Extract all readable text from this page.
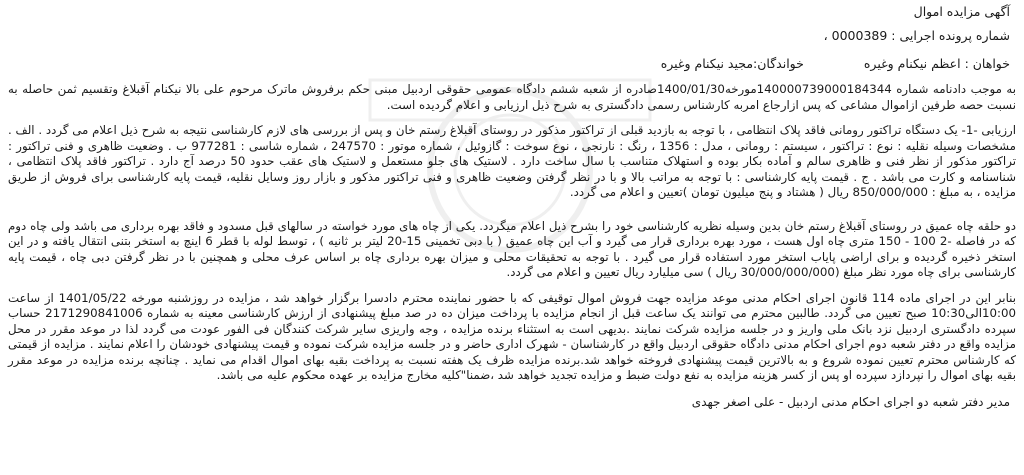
آگهی مزایده اموال
شماره پرونده اجرایی : 0000389 ،
خواهان : اعظم نیکنام وغیره
خواندگان:مجید نیکنام وغیره

به موجب دادنامه شماره 140000739000184344مورخه1400/01/30صادره از شعبه ششم دادگاه عمومی حقوقی اردبیل مبنی حکم برفروش ماترک مرحوم علی بالا نیکنام آقبلاغ وتقسیم ثمن حاصله به نسبت حصه طرفین ازاموال مشاعی که پس ازارجاع امربه کارشناس رسمی دادگستری به شرح ذیل ارزیابی و اعلام گردیده است.

ارزیابی -1- یک دستگاه تراکتور رومانی فاقد پلاک انتظامی ، با توجه به بازدید قبلی از تراکتور مذکور در روستای آقبلاغ رستم خان و پس از بررسی های لازم کارشناسی نتیجه به شرح ذیل اعلام می گردد . الف . مشخصات وسیله نقلیه : نوع : تراکتور ، سیستم : رومانی ، مدل : 1356 ، رنگ : نارنجی ، نوع سوخت : گازوئیل ، شماره موتور : 247570 ، شماره شاسی : 977281 ب . وضعیت ظاهری و فنی تراکتور : تراکتور مذکور از نظر فنی و ظاهری سالم و آماده بکار بوده و استهلاک متناسب با سال ساخت دارد . لاستیک های جلو مستعمل و لاستیک های عقب حدود 50 درصد آج دارد . تراکتور فاقد پلاک انتظامی ، شناسنامه و کارت می باشد . ج . قیمت پایه کارشناسی : با توجه به مراتب بالا و با در نظر گرفتن وضعیت ظاهری و فنی تراکتور مذکور و بازار روز وسایل نقلیه، قیمت پایه کارشناسی برای فروش از طریق مزایده ، به مبلغ : 850/000/000 ریال ( هشتاد و پنج میلیون تومان )تعیین و اعلام می گردد.

دو حلقه چاه عمیق در روستای آقبلاغ رستم خان بدین وسیله نظریه کارشناسی خود را بشرح ذیل اعلام میگردد. یکی از چاه های مورد خواسته در سالهای قبل مسدود و فاقد بهره برداری می باشد ولی چاه دوم که در فاصله -2 100 - 150 متری چاه اول هست ، مورد بهره برداری قرار می گیرد و آب این چاه عمیق ( با دبی تخمینی 15-20 لیتر بر ثانیه ) ، توسط لوله با قطر 6 اینچ به استخر بتنی انتقال یافته و در این استخر ذخیره گردیده و برای اراضی پایاب استخر مورد استفاده قرار می گیرد . با توجه به تحقیقات محلی و میزان بهره برداری چاه بر اساس عرف محلی و همچنین با در نظر گرفتن دبی چاه ، قیمت پایه کارشناسی برای چاه مورد نظر مبلغ (30/000/000/000 ریال ) سی میلیارد ریال تعیین و اعلام می گردد.

بنابر این در اجرای ماده 114 قانون اجرای احکام مدنی موعد مزایده جهت فروش اموال توقیفی که با حضور نماینده محترم دادسرا برگزار خواهد شد ، مزایده در روزشنبه مورخه 1401/05/22 از ساعت 10:00الی10:30 صبح تعیین می گردد. طالبین محترم می توانند یک ساعت قبل از انجام مزایده با پرداخت میزان ده در صد مبلغ پیشنهادی از ارزش کارشناسی معینه به شماره 2171290841006 حساب سپرده دادگستری اردبیل نزد بانک ملی واریز و در جلسه مزایده شرکت نمایند .بدیهی است به استثناء برنده مزایده ، وجه واریزی سایر شرکت کنندگان فی الفور عودت می گردد لذا در موعد مقرر در محل مزایده واقع در دفتر شعبه دوم اجرای احکام مدنی دادگاه حقوقی اردبیل واقع در کارشناسان - شهرک اداری حاضر و در جلسه مزایده شرکت نموده و قیمت پیشنهادی خودشان را اعلام نمایند . مزایده از قیمتی که کارشناس محترم تعیین نموده شروع و به بالاترین قیمت پیشنهادی فروخته خواهد شد.برنده مزایده ظرف یک هفته نسبت به پرداخت بقیه بهای اموال اقدام می نماید . چنانچه برنده مزایده در موعد مقرر بقیه بهای اموال را نپردازد سپرده او پس از کسر هزینه مزایده به نفع دولت ضبط و مزایده تجدید خواهد شد ،ضمنا"کلیه مخارج مزایده بر عهده محکوم علیه می باشد.

مدیر دفتر شعبه دو اجرای احکام مدنی اردبیل - علی اصغر جهدی
